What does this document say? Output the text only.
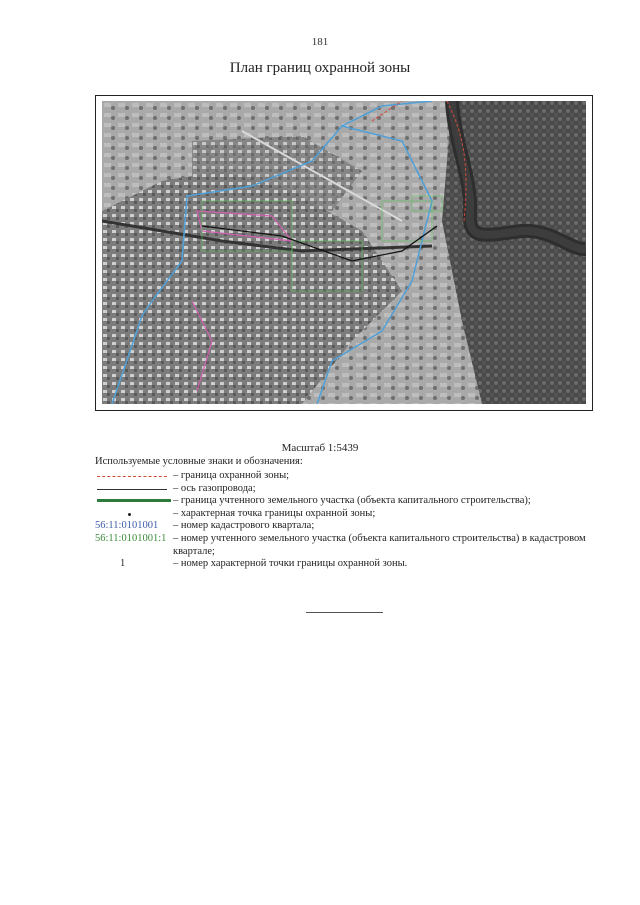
181
План границ охранной зоны
Масштаб 1:5439
Используемые условные знаки и обозначения:
– граница охранной зоны;
– ось газопровода;
– граница учтенного земельного участка (объекта капитального строительства);
– характерная точка границы охранной зоны;
56:11:0101001 – номер кадастрового квартала;
56:11:0101001:1 – номер учтенного земельного участка (объекта капитального строительства) в кадастровом квартале;
1	– номер характерной точки границы охранной зоны.
